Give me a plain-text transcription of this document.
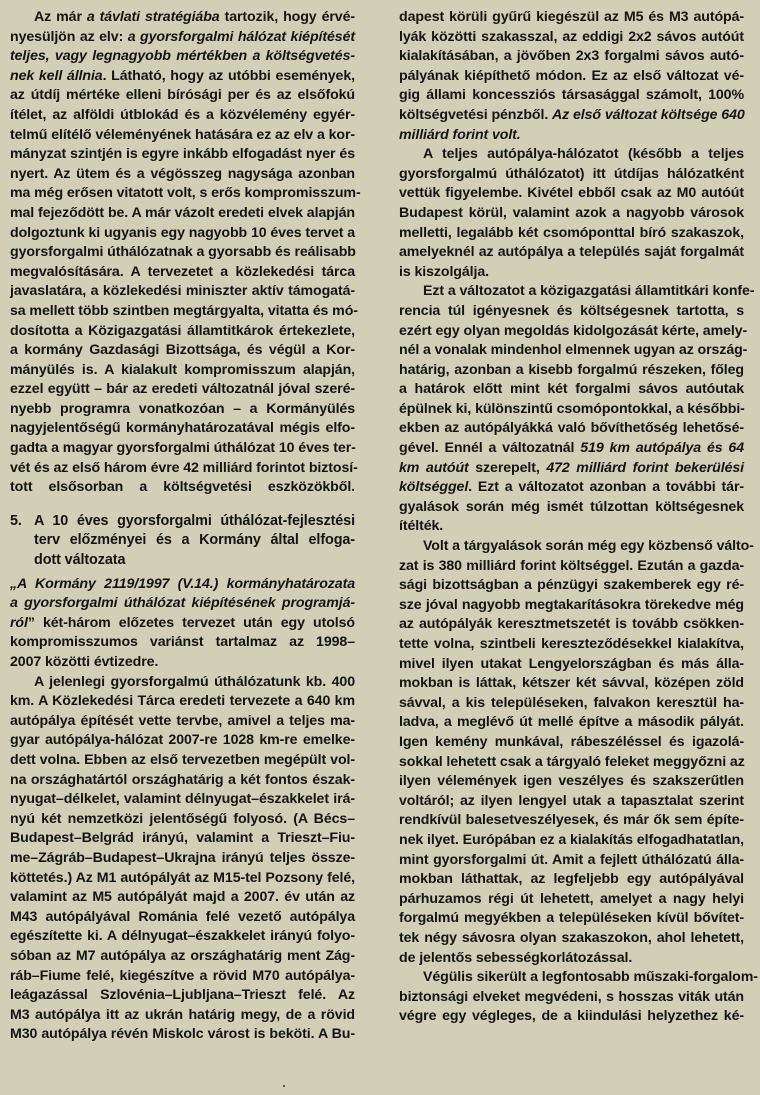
Az már a távlati stratégiába tartozik, hogy érvé-
nyesüljön az elv: a gyorsforgalmi hálózat kiépítését
teljes, vagy legnagyobb mértékben a költségvetés-
nek kell állnia. Látható, hogy az utóbbi események,
az útdíj mértéke elleni bírósági per és az elsőfokú
ítélet, az alföldi útblokád és a közvélemény egyér-
telmű elítélő véleményének hatására ez az elv a kor-
mányzat szintjén is egyre inkább elfogadást nyer és
nyert. Az ütem és a végösszeg nagysága azonban
ma még erősen vitatott volt, s erős kompromisszum-
mal fejeződött be. A már vázolt eredeti elvek alapján
dolgoztunk ki ugyanis egy nagyobb 10 éves tervet a
gyorsforgalmi úthálózatnak a gyorsabb és reálisabb
megvalósítására. A tervezetet a közlekedési tárca
javaslatára, a közlekedési miniszter aktív támogatá-
sa mellett több szintben megtárgyalta, vitatta és mó-
dosította a Közigazgatási államtitkárok értekezlete,
a kormány Gazdasági Bizottsága, és végül a Kor-
mányülés is. A kialakult kompromisszum alapján,
ezzel együtt – bár az eredeti változatnál jóval szeré-
nyebb programra vonatkozóan – a Kormányülés
nagyjelentőségű kormányhatározatával mégis elfo-
gadta a magyar gyorsforgalmi úthálózat 10 éves ter-
vét és az első három évre 42 milliárd forintot biztosí-
tott elsősorban a költségvetési eszközökből.
5. A 10 éves gyorsforgalmi úthálózat-fejlesztési
terv előzményei és a Kormány által elfoga-
dott változata
„A Kormány 2119/1997 (V.14.) kormányhatározata
a gyorsforgalmi úthálózat kiépítésének programjá-
ról” két-három előzetes tervezet után egy utolsó
kompromisszumos variánst tartalmaz az 1998–
2007 közötti évtizedre.
A jelenlegi gyorsforgalmú úthálózatunk kb. 400
km. A Közlekedési Tárca eredeti tervezete a 640 km
autópálya építését vette tervbe, amivel a teljes ma-
gyar autópálya-hálózat 2007-re 1028 km-re emelke-
dett volna. Ebben az első tervezetben megépült vol-
na országhatártól országhatárig a két fontos észak-
nyugat–délkelet, valamint délnyugat–északkelet irá-
nyú két nemzetközi jelentőségű folyosó. (A Bécs–
Budapest–Belgrád irányú, valamint a Trieszt–Fiu-
me–Zágráb–Budapest–Ukrajna irányú teljes össze-
köttetés.) Az M1 autópályát az M15-tel Pozsony felé,
valamint az M5 autópályát majd a 2007. év után az
M43 autópályával Románia felé vezető autópálya
egészítette ki. A délnyugat–északkelet irányú folyo-
sóban az M7 autópálya az országhatárig ment Zág-
ráb–Fiume felé, kiegészítve a rövid M70 autópálya-
leágazással Szlovénia–Ljubljana–Trieszt felé. Az
M3 autópálya itt az ukrán határig megy, de a rövid
M30 autópálya révén Miskolc várost is beköti. A Bu-
dapest körüli gyűrű kiegészül az M5 és M3 autópá-
lyák közötti szakasszal, az eddigi 2x2 sávos autóút
kialakításában, a jövőben 2x3 forgalmi sávos autó-
pályának kiépíthető módon. Ez az első változat vé-
gig állami koncessziós társasággal számolt, 100%
költségvetési pénzből. Az első változat költsége 640
milliárd forint volt.
A teljes autópálya-hálózatot (később a teljes
gyorsforgalmú úthálózatot) itt útdíjas hálózatként
vettük figyelembe. Kivétel ebből csak az M0 autóút
Budapest körül, valamint azok a nagyobb városok
melletti, legalább két csomóponttal bíró szakaszok,
amelyeknél az autópálya a település saját forgalmát
is kiszolgálja.
Ezt a változatot a közigazgatási államtitkári konfe-
rencia túl igényesnek és költségesnek tartotta, s
ezért egy olyan megoldás kidolgozását kérte, amely-
nél a vonalak mindenhol elmennek ugyan az ország-
határig, azonban a kisebb forgalmú részeken, főleg
a határok előtt mint két forgalmi sávos autóutak
épülnek ki, különszintű csomópontokkal, a későbbi-
ekben az autópályákká való bővíthetőség lehetősé-
gével. Ennél a változatnál 519 km autópálya és 64
km autóút szerepelt, 472 milliárd forint bekerülési
költséggel. Ezt a változatot azonban a további tár-
gyalások során még ismét túlzottan költségesnek
ítélték.
Volt a tárgyalások során még egy közbenső válto-
zat is 380 milliárd forint költséggel. Ezután a gazda-
sági bizottságban a pénzügyi szakemberek egy ré-
sze jóval nagyobb megtakarításokra törekedve még
az autópályák keresztmetszetét is tovább csökken-
tette volna, szintbeli kereszteződésekkel kialakítva,
mivel ilyen utakat Lengyelországban és más álla-
mokban is láttak, kétszer két sávval, középen zöld
sávval, a kis településeken, falvakon keresztül ha-
ladva, a meglévő út mellé építve a második pályát.
Igen kemény munkával, rábeszéléssel és igazolá-
sokkal lehetett csak a tárgyaló feleket meggyőzni az
ilyen vélemények igen veszélyes és szakszerűtlen
voltáról; az ilyen lengyel utak a tapasztalat szerint
rendkívül balesetveszélyesek, és már ők sem építe-
nek ilyet. Európában ez a kialakítás elfogadhatatlan,
mint gyorsforgalmi út. Amit a fejlett úthálózatú álla-
mokban láthattak, az legfeljebb egy autópályával
párhuzamos régi út lehetett, amelyet a nagy helyi
forgalmú megyékben a településeken kívül bővítet-
tek négy sávosra olyan szakaszokon, ahol lehetett,
de jelentős sebességkorlátozással.
Végülis sikerült a legfontosabb műszaki-forgalom-
biztonsági elveket megvédeni, s hosszas viták után
végre egy végleges, de a kiindulási helyzethez ké-
